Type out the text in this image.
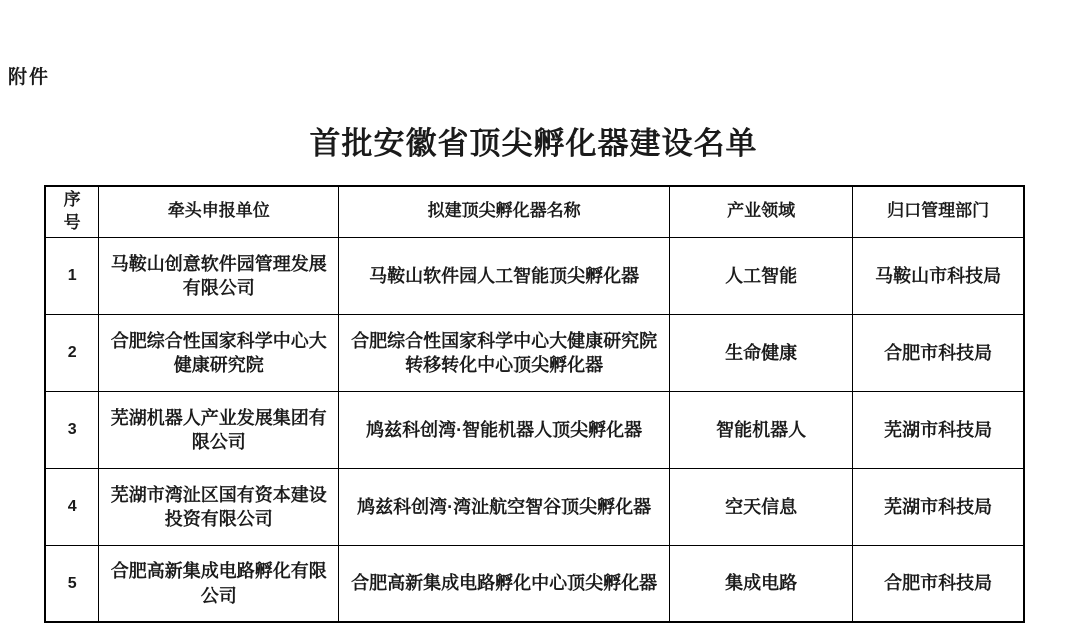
附件
首批安徽省顶尖孵化器建设名单
序号	牵头申报单位	拟建顶尖孵化器名称	产业领域	归口管理部门
1	马鞍山创意软件园管理发展有限公司	马鞍山软件园人工智能顶尖孵化器	人工智能	马鞍山市科技局
2	合肥综合性国家科学中心大健康研究院	合肥综合性国家科学中心大健康研究院转移转化中心顶尖孵化器	生命健康	合肥市科技局
3	芜湖机器人产业发展集团有限公司	鸠兹科创湾·智能机器人顶尖孵化器	智能机器人	芜湖市科技局
4	芜湖市湾沚区国有资本建设投资有限公司	鸠兹科创湾·湾沚航空智谷顶尖孵化器	空天信息	芜湖市科技局
5	合肥高新集成电路孵化有限公司	合肥高新集成电路孵化中心顶尖孵化器	集成电路	合肥市科技局
